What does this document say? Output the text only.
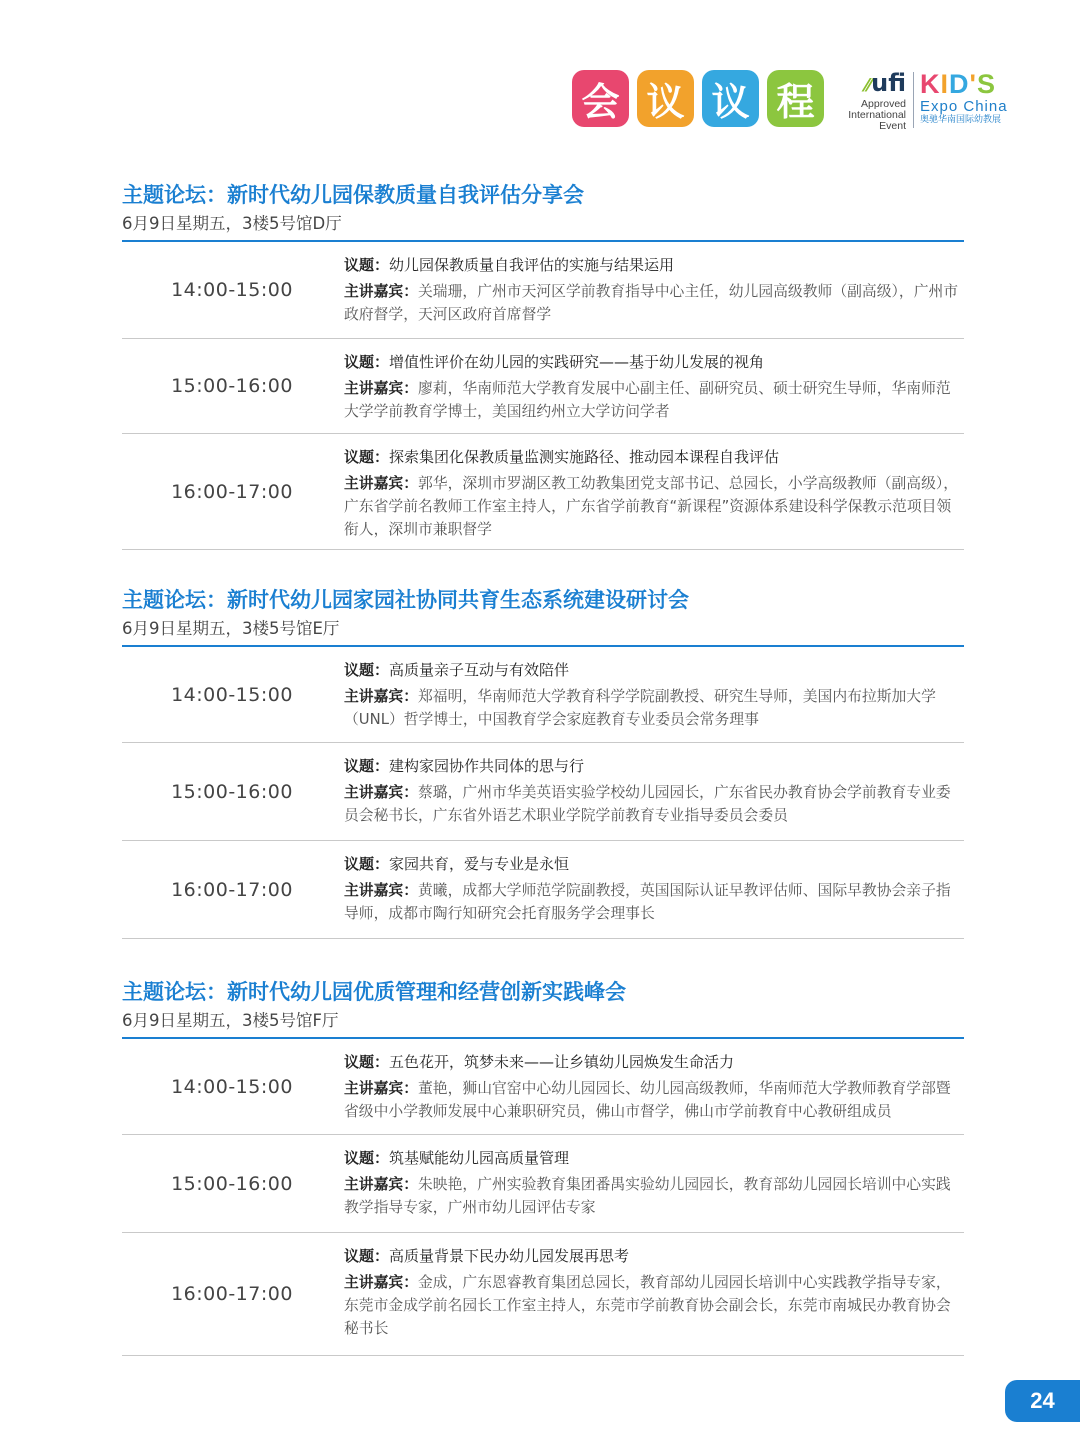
会 议 议 程	⁄⁄ufi
Approved
International
Event
KID'S
Expo China
奥驰华南国际幼教展
主题论坛：新时代幼儿园保教质量自我评估分享会
6月9日星期五，3楼5号馆D厅
14:00-15:00
议题：幼儿园保教质量自我评估的实施与结果运用

主讲嘉宾：关瑞珊，广州市天河区学前教育指导中心主任，幼儿园高级教师（副高级），广州市政府督学，天河区政府首席督学

15:00-16:00
议题：增值性评价在幼儿园的实践研究——基于幼儿发展的视角

主讲嘉宾：廖莉，华南师范大学教育发展中心副主任、副研究员、硕士研究生导师，华南师范大学学前教育学博士，美国纽约州立大学访问学者

16:00-17:00
议题：探索集团化保教质量监测实施路径、推动园本课程自我评估

主讲嘉宾：郭华，深圳市罗湖区教工幼教集团党支部书记、总园长，小学高级教师（副高级），广东省学前名教师工作室主持人，广东省学前教育“新课程”资源体系建设科学保教示范项目领衔人，深圳市兼职督学

主题论坛：新时代幼儿园家园社协同共育生态系统建设研讨会
6月9日星期五，3楼5号馆E厅
14:00-15:00
议题：高质量亲子互动与有效陪伴

主讲嘉宾：郑福明，华南师范大学教育科学学院副教授、研究生导师，美国内布拉斯加大学（UNL）哲学博士，中国教育学会家庭教育专业委员会常务理事

15:00-16:00
议题：建构家园协作共同体的思与行

主讲嘉宾：蔡璐，广州市华美英语实验学校幼儿园园长，广东省民办教育协会学前教育专业委员会秘书长，广东省外语艺术职业学院学前教育专业指导委员会委员

16:00-17:00
议题：家园共育，爱与专业是永恒

主讲嘉宾：黄曦，成都大学师范学院副教授，英国国际认证早教评估师、国际早教协会亲子指导师，成都市陶行知研究会托育服务学会理事长

主题论坛：新时代幼儿园优质管理和经营创新实践峰会
6月9日星期五，3楼5号馆F厅
14:00-15:00
议题：五色花开，筑梦未来——让乡镇幼儿园焕发生命活力

主讲嘉宾：董艳，狮山官窑中心幼儿园园长、幼儿园高级教师，华南师范大学教师教育学部暨省级中小学教师发展中心兼职研究员，佛山市督学，佛山市学前教育中心教研组成员

15:00-16:00
议题：筑基赋能幼儿园高质量管理

主讲嘉宾：朱映艳，广州实验教育集团番禺实验幼儿园园长，教育部幼儿园园长培训中心实践教学指导专家，广州市幼儿园评估专家

16:00-17:00
议题：高质量背景下民办幼儿园发展再思考

主讲嘉宾：金成，广东恩睿教育集团总园长，教育部幼儿园园长培训中心实践教学指导专家，东莞市金成学前名园长工作室主持人，东莞市学前教育协会副会长，东莞市南城民办教育协会秘书长

24
